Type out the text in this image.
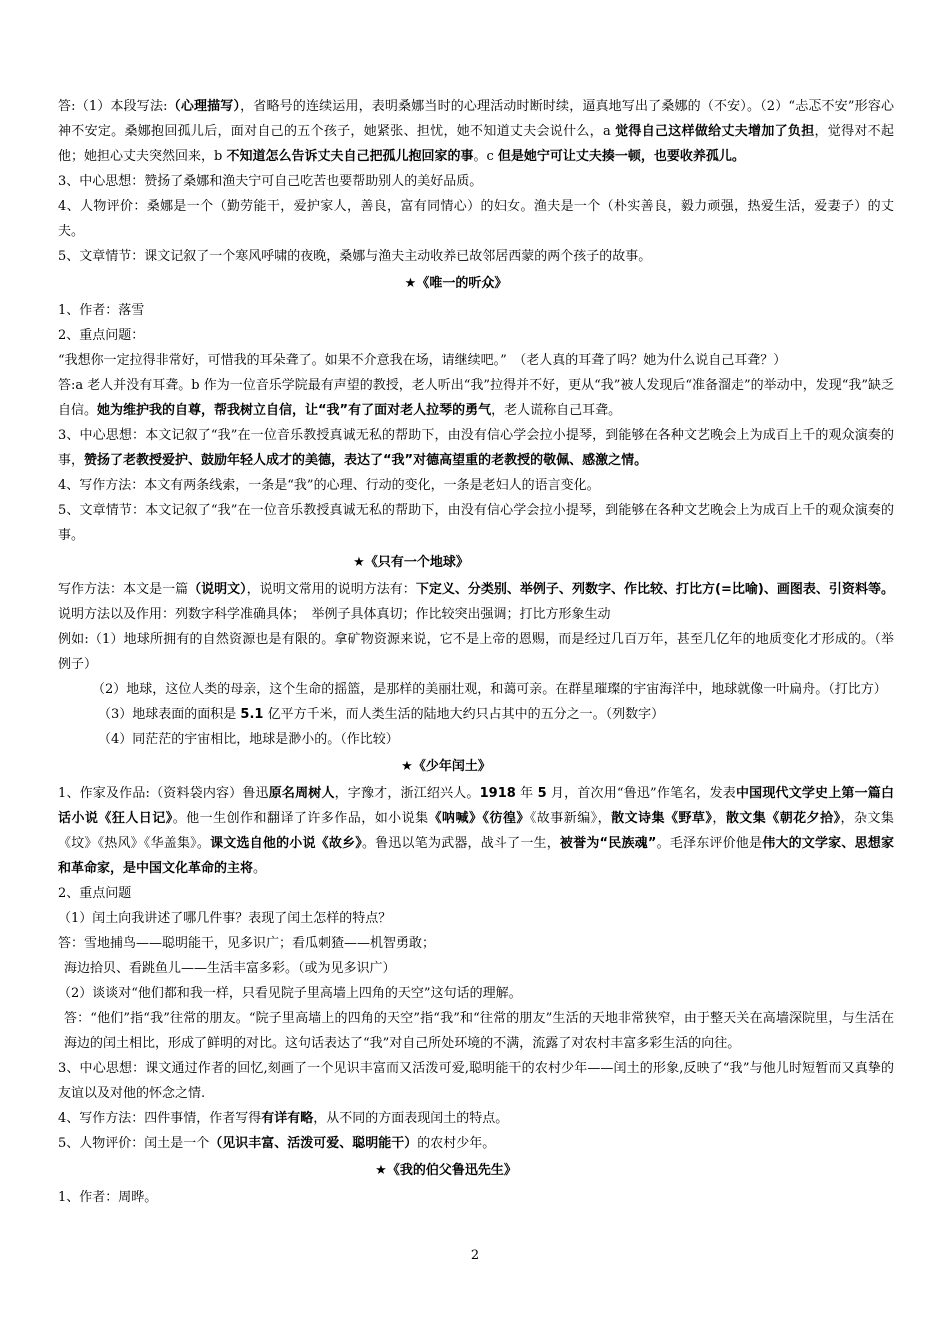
答:（1）本段写法:（心理描写），省略号的连续运用，表明桑娜当时的心理活动时断时续，逼真地写出了桑娜的（不安）。（2）“忐忑不安”形容心神不安定。桑娜抱回孤儿后，面对自己的五个孩子，她紧张、担忧，她不知道丈夫会说什么，a 觉得自己这样做给丈夫增加了负担，觉得对不起他；她担心丈夫突然回来，b 不知道怎么告诉丈夫自己把孤儿抱回家的事。c 但是她宁可让丈夫揍一顿，也要收养孤儿。

3、中心思想：赞扬了桑娜和渔夫宁可自己吃苦也要帮助别人的美好品质。

4、人物评价：桑娜是一个（勤劳能干，爱护家人，善良，富有同情心）的妇女。渔夫是一个（朴实善良，毅力顽强，热爱生活，爱妻子）的丈夫。

5、文章情节：课文记叙了一个寒风呼啸的夜晚，桑娜与渔夫主动收养已故邻居西蒙的两个孩子的故事。

★《唯一的听众》

1、作者：落雪

2、重点问题：

“我想你一定拉得非常好，可惜我的耳朵聋了。如果不介意我在场，请继续吧。”　（老人真的耳聋了吗？她为什么说自己耳聋？）

答:a 老人并没有耳聋。b 作为一位音乐学院最有声望的教授，老人听出“我”拉得并不好，更从“我”被人发现后“准备溜走”的举动中，发现“我”缺乏自信。她为维护我的自尊，帮我树立自信，让“我”有了面对老人拉琴的勇气，老人谎称自己耳聋。

3、中心思想：本文记叙了“我”在一位音乐教授真诚无私的帮助下，由没有信心学会拉小提琴，到能够在各种文艺晚会上为成百上千的观众演奏的事，赞扬了老教授爱护、鼓励年轻人成才的美德，表达了“我”对德高望重的老教授的敬佩、感激之情。

4、写作方法：本文有两条线索，一条是“我”的心理、行动的变化，一条是老妇人的语言变化。

5、文章情节：本文记叙了“我”在一位音乐教授真诚无私的帮助下，由没有信心学会拉小提琴，到能够在各种文艺晚会上为成百上千的观众演奏的事。

★《只有一个地球》

写作方法：本文是一篇（说明文），说明文常用的说明方法有：下定义、分类别、举例子、列数字、作比较、打比方(=比喻)、画图表、引资料等。说明方法以及作用：列数字科学准确具体；　举例子具体真切；作比较突出强调；打比方形象生动

例如:（1）地球所拥有的自然资源也是有限的。拿矿物资源来说，它不是上帝的恩赐，而是经过几百万年，甚至几亿年的地质变化才形成的。（举例子）

（2）地球，这位人类的母亲，这个生命的摇篮，是那样的美丽壮观，和蔼可亲。在群星璀璨的宇宙海洋中，地球就像一叶扁舟。（打比方）

（3）地球表面的面积是 5.1 亿平方千米，而人类生活的陆地大约只占其中的五分之一。（列数字）

（4）同茫茫的宇宙相比，地球是渺小的。（作比较）

★《少年闰土》

1、作家及作品:（资料袋内容）鲁迅原名周树人，字豫才，浙江绍兴人。1918 年 5 月，首次用“鲁迅”作笔名，发表中国现代文学史上第一篇白话小说《狂人日记》。他一生创作和翻译了许多作品，如小说集《呐喊》《彷徨》《故事新编》，散文诗集《野草》，散文集《朝花夕拾》，杂文集《坟》《热风》《华盖集》。课文选自他的小说《故乡》。鲁迅以笔为武器，战斗了一生，被誉为“民族魂”。毛泽东评价他是伟大的文学家、思想家和革命家，是中国文化革命的主将。

2、重点问题

（1）闰土向我讲述了哪几件事？表现了闰土怎样的特点？

答：雪地捕鸟——聪明能干，见多识广；看瓜刺猹——机智勇敢；

海边拾贝、看跳鱼儿——生活丰富多彩。（或为见多识广）

（2）谈谈对“他们都和我一样，只看见院子里高墙上四角的天空”这句话的理解。

答：“他们”指“我”往常的朋友。“院子里高墙上的四角的天空”指“我”和“往常的朋友”生活的天地非常狭窄，由于整天关在高墙深院里，与生活在海边的闰土相比，形成了鲜明的对比。这句话表达了“我”对自己所处环境的不满，流露了对农村丰富多彩生活的向往。

3、中心思想：课文通过作者的回忆,刻画了一个见识丰富而又活泼可爱,聪明能干的农村少年——闰土的形象,反映了“我”与他儿时短暂而又真挚的友谊以及对他的怀念之情.

4、写作方法：四件事情，作者写得有详有略，从不同的方面表现闰土的特点。

5、人物评价：闰土是一个（见识丰富、活泼可爱、聪明能干）的农村少年。

★《我的伯父鲁迅先生》

1、作者：周晔。

2
